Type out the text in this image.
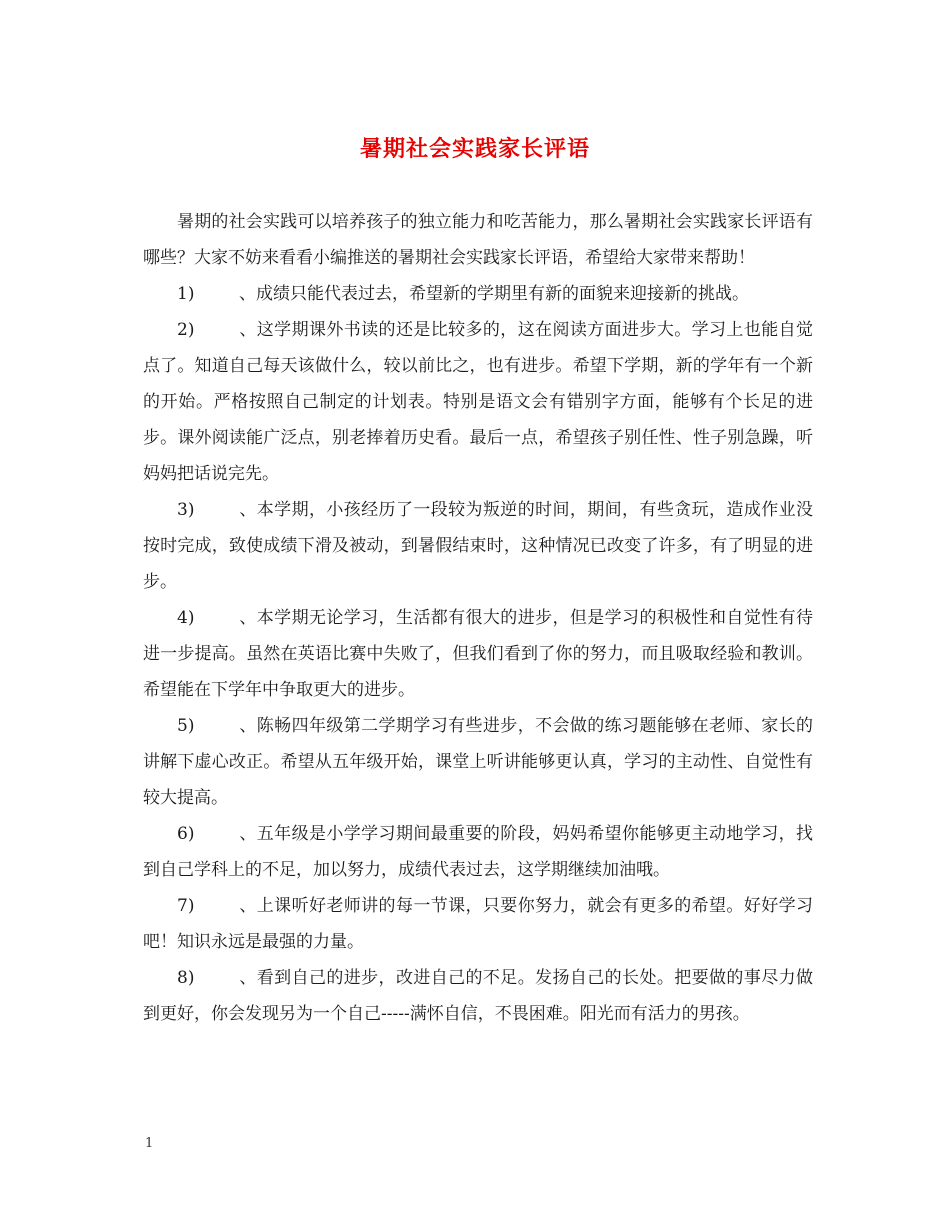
暑期社会实践家长评语

暑期的社会实践可以培养孩子的独立能力和吃苦能力，那么暑期社会实践家长评语有哪些？大家不妨来看看小编推送的暑期社会实践家长评语，希望给大家带来帮助！

1)	、成绩只能代表过去，希望新的学期里有新的面貌来迎接新的挑战。

2)	、这学期课外书读的还是比较多的，这在阅读方面进步大。学习上也能自觉点了。知道自己每天该做什么，较以前比之，也有进步。希望下学期，新的学年有一个新的开始。严格按照自己制定的计划表。特别是语文会有错别字方面，能够有个长足的进步。课外阅读能广泛点，别老捧着历史看。最后一点，希望孩子别任性、性子别急躁，听妈妈把话说完先。

3)	、本学期，小孩经历了一段较为叛逆的时间，期间，有些贪玩，造成作业没按时完成，致使成绩下滑及被动，到暑假结束时，这种情况已改变了许多，有了明显的进步。

4)	、本学期无论学习，生活都有很大的进步，但是学习的积极性和自觉性有待进一步提高。虽然在英语比赛中失败了，但我们看到了你的努力，而且吸取经验和教训。希望能在下学年中争取更大的进步。

5)	、陈畅四年级第二学期学习有些进步，不会做的练习题能够在老师、家长的讲解下虚心改正。希望从五年级开始，课堂上听讲能够更认真，学习的主动性、自觉性有较大提高。

6)	、五年级是小学学习期间最重要的阶段，妈妈希望你能够更主动地学习，找到自己学科上的不足，加以努力，成绩代表过去，这学期继续加油哦。

7)	、上课听好老师讲的每一节课，只要你努力，就会有更多的希望。好好学习吧！知识永远是最强的力量。

8)	、看到自己的进步，改进自己的不足。发扬自己的长处。把要做的事尽力做到更好，你会发现另为一个自己-----满怀自信，不畏困难。阳光而有活力的男孩。

1
